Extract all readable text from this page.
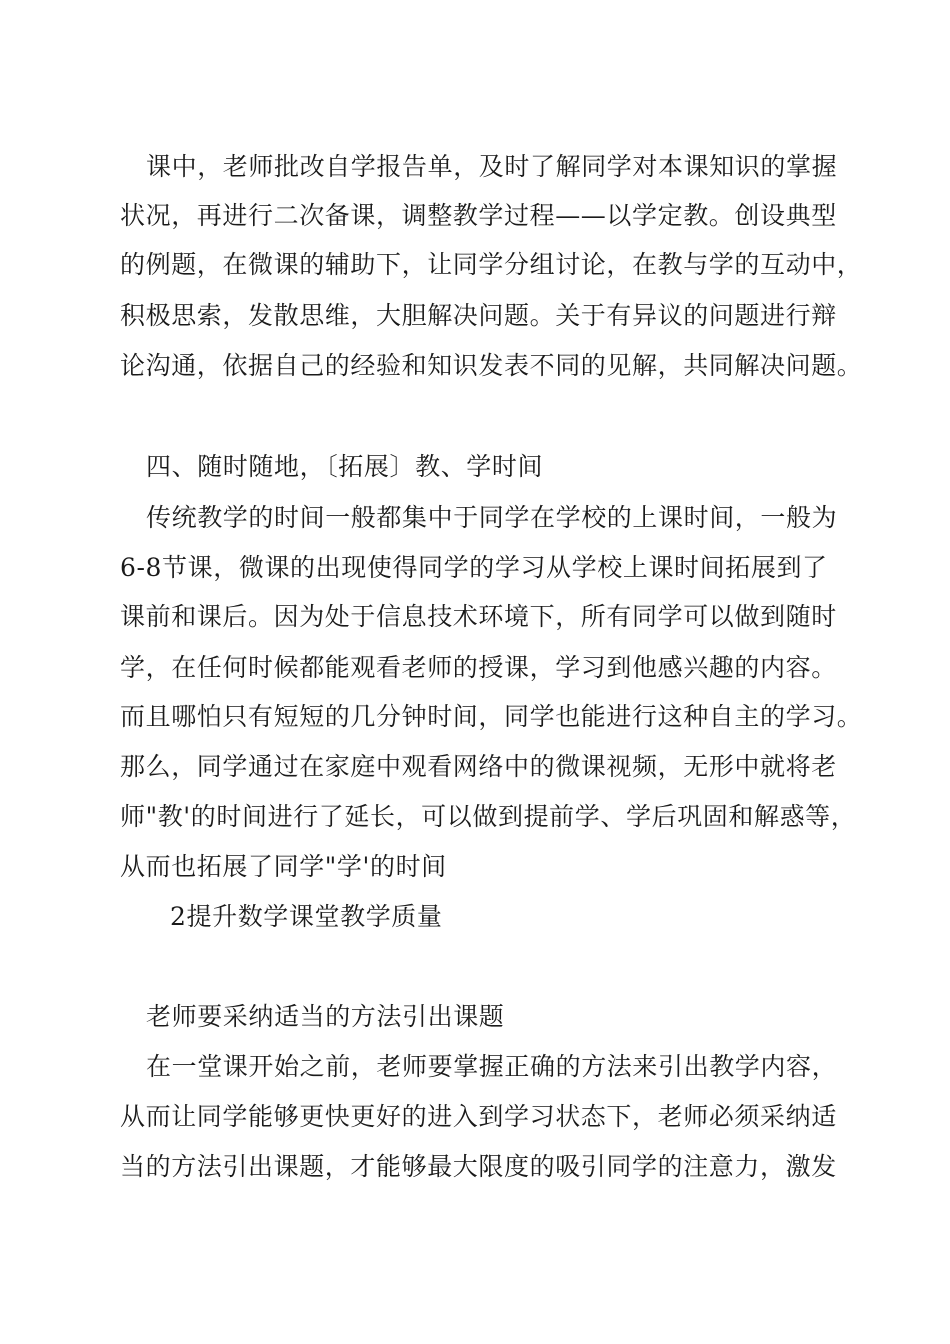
课中，老师批改自学报告单，及时了解同学对本课知识的掌握
状况，再进行二次备课，调整教学过程——以学定教。创设典型
的例题，在微课的辅助下，让同学分组讨论，在教与学的互动中，
积极思索，发散思维，大胆解决问题。关于有异议的问题进行辩
论沟通，依据自己的经验和知识发表不同的见解，共同解决问题。
四、随时随地，〔拓展〕教、学时间
传统教学的时间一般都集中于同学在学校的上课时间，一般为
6-8节课，微课的出现使得同学的学习从学校上课时间拓展到了
课前和课后。因为处于信息技术环境下，所有同学可以做到随时
学，在任何时候都能观看老师的授课，学习到他感兴趣的内容。
而且哪怕只有短短的几分钟时间，同学也能进行这种自主的学习。
那么，同学通过在家庭中观看网络中的微课视频，无形中就将老
师"教'的时间进行了延长，可以做到提前学、学后巩固和解惑等，
从而也拓展了同学"学'的时间
2提升数学课堂教学质量
老师要采纳适当的方法引出课题
在一堂课开始之前，老师要掌握正确的方法来引出教学内容，
从而让同学能够更快更好的进入到学习状态下，老师必须采纳适
当的方法引出课题，才能够最大限度的吸引同学的注意力，激发
